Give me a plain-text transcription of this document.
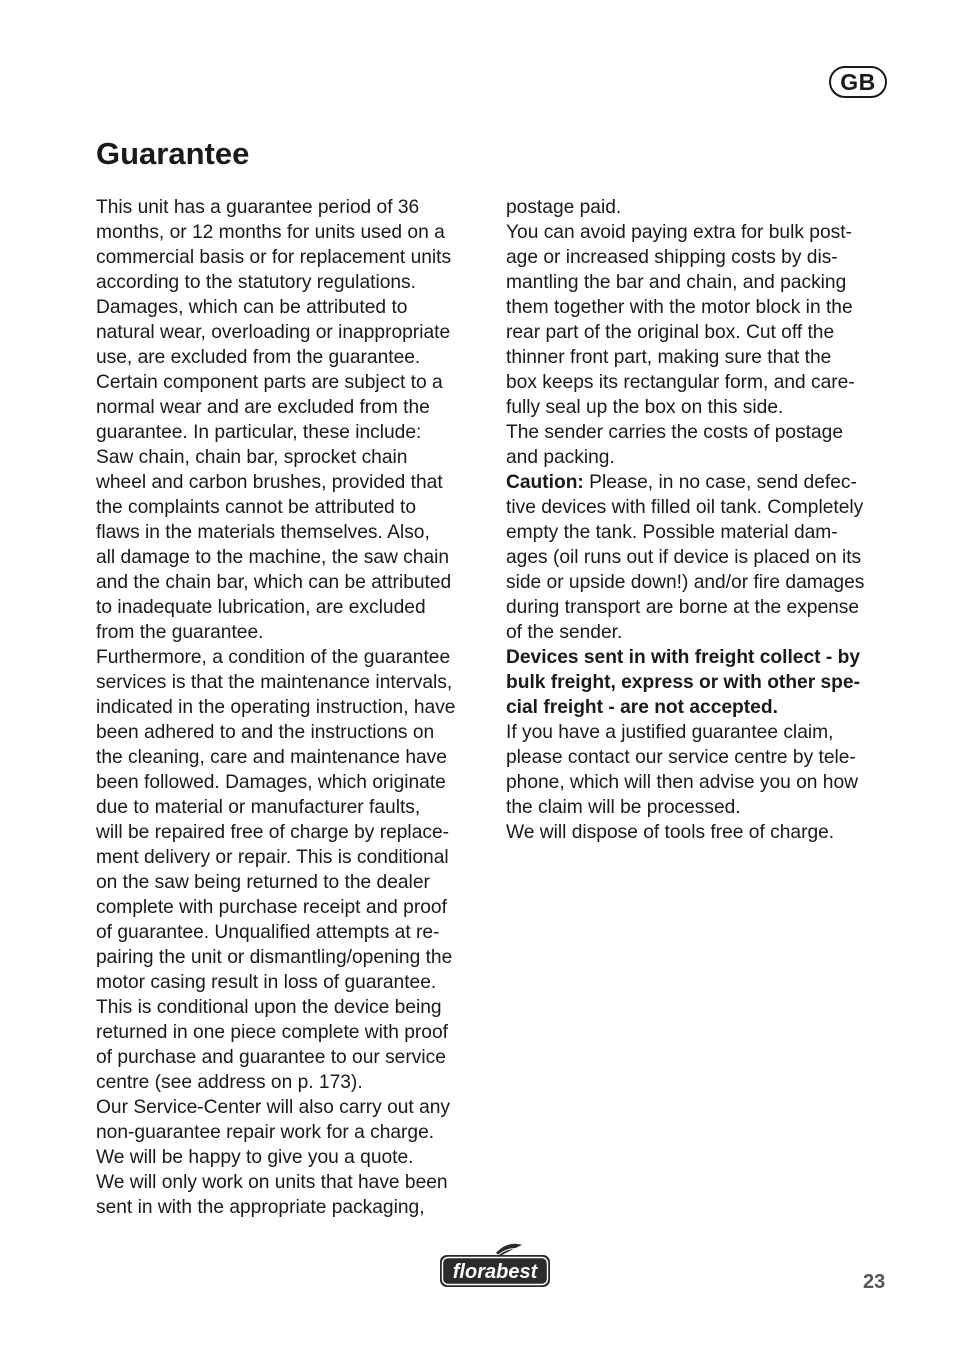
GB
Guarantee

This unit has a guarantee period of 36

months, or 12 months for units used on a

commercial basis or for replacement units

according to the statutory regulations.

Damages, which can be attributed to

natural wear, overloading or inappropriate

use, are excluded from the guarantee.

Certain component parts are subject to a

normal wear and are excluded from the

guarantee. In particular, these include:

Saw chain, chain bar, sprocket chain

wheel and carbon brushes, provided that

the complaints cannot be attributed to

flaws in the materials themselves. Also,

all damage to the machine, the saw chain

and the chain bar, which can be attributed

to inadequate lubrication, are excluded

from the guarantee.

Furthermore, a condition of the guarantee

services is that the maintenance intervals,

indicated in the operating instruction, have

been adhered to and the instructions on

the cleaning, care and maintenance have

been followed. Damages, which originate

due to material or manufacturer faults,

will be repaired free of charge by replace-

ment delivery or repair. This is conditional

on the saw being returned to the dealer

complete with purchase receipt and proof

of guarantee. Unqualified attempts at re-

pairing the unit or dismantling/opening the

motor casing result in loss of guarantee.

This is conditional upon the device being

returned in one piece complete with proof

of purchase and guarantee to our service

centre (see address on p. 173).

Our Service-Center will also carry out any

non-guarantee repair work for a charge.

We will be happy to give you a quote.

We will only work on units that have been

sent in with the appropriate packaging,

postage paid.

You can avoid paying extra for bulk post-

age or increased shipping costs by dis-

mantling the bar and chain, and packing

them together with the motor block in the

rear part of the original box. Cut off the

thinner front part, making sure that the

box keeps its rectangular form, and care-

fully seal up the box on this side.

The sender carries the costs of postage

and packing.

Caution: Please, in no case, send defec-

tive devices with filled oil tank. Completely

empty the tank. Possible material dam-

ages (oil runs out if device is placed on its

side or upside down!) and/or fire damages

during transport are borne at the expense

of the sender.

Devices sent in with freight collect - by

bulk freight, express or with other spe-

cial freight - are not accepted.

If you have a justified guarantee claim,

please contact our service centre by tele-

phone, which will then advise you on how

the claim will be processed.

We will dispose of tools free of charge.

florabest	23
